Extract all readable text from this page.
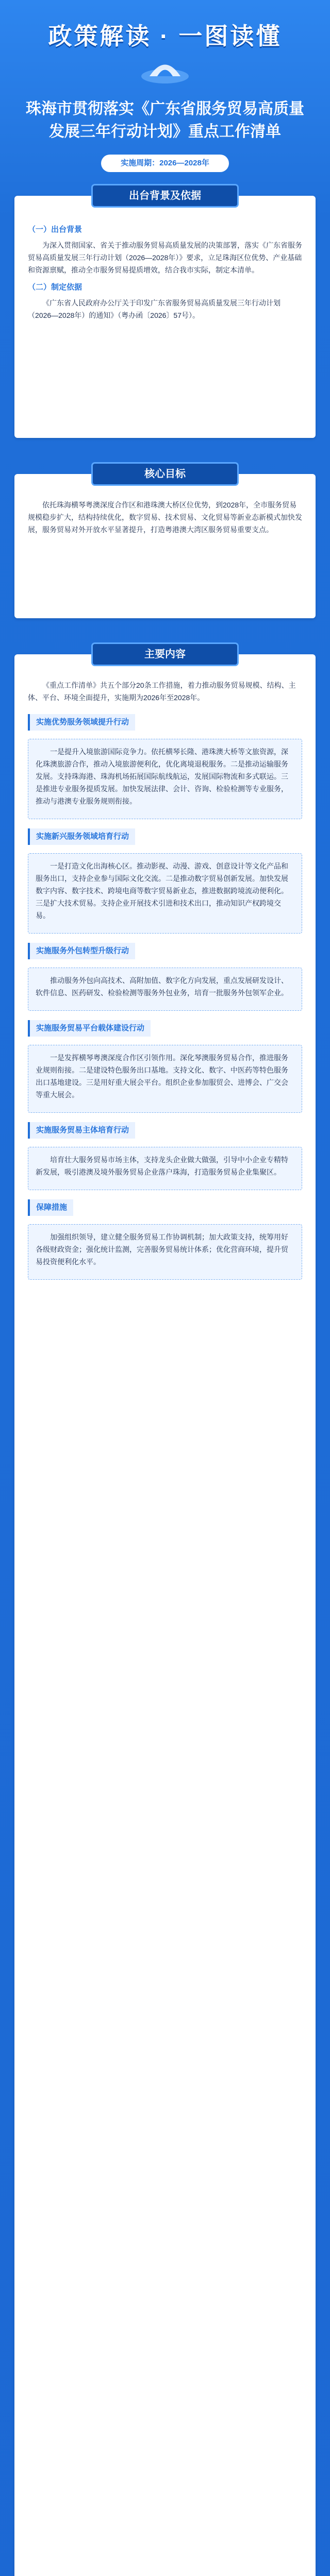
政策解读 · 一图读懂
珠海市贯彻落实《广东省服务贸易高质量发展三年行动计划》重点工作清单
实施周期：2026—2028年
（一）出台背景

为深入贯彻国家、省关于推动服务贸易高质量发展的决策部署，落实《广东省服务贸易高质量发展三年行动计划（2026—2028年）》要求，立足珠海区位优势、产业基础和资源禀赋，推动全市服务贸易提质增效，结合我市实际，制定本清单。

（二）制定依据

《广东省人民政府办公厅关于印发广东省服务贸易高质量发展三年行动计划（2026—2028年）的通知》（粤办函〔2026〕57号）。

出台背景及依据

依托珠海横琴粤澳深度合作区和港珠澳大桥区位优势，到2028年，全市服务贸易规模稳步扩大，结构持续优化，数字贸易、技术贸易、文化贸易等新业态新模式加快发展，服务贸易对外开放水平显著提升，打造粤港澳大湾区服务贸易重要支点。

核心目标

《重点工作清单》共五个部分20条工作措施，着力推动服务贸易规模、结构、主体、平台、环境全面提升，实施期为2026年至2028年。

实施优势服务领域提升行动

一是提升入境旅游国际竞争力。依托横琴长隆、港珠澳大桥等文旅资源，深化珠澳旅游合作，推动入境旅游便利化，优化离境退税服务。二是推动运输服务发展。支持珠海港、珠海机场拓展国际航线航运，发展国际物流和多式联运。三是推进专业服务提质发展。加快发展法律、会计、咨询、检验检测等专业服务，推动与港澳专业服务规则衔接。

实施新兴服务领域培育行动

一是打造文化出海核心区。推动影视、动漫、游戏、创意设计等文化产品和服务出口，支持企业参与国际文化交流。二是推动数字贸易创新发展。加快发展数字内容、数字技术、跨境电商等数字贸易新业态，推进数据跨境流动便利化。三是扩大技术贸易。支持企业开展技术引进和技术出口，推动知识产权跨境交易。

实施服务外包转型升级行动

推动服务外包向高技术、高附加值、数字化方向发展，重点发展研发设计、软件信息、医药研发、检验检测等服务外包业务，培育一批服务外包领军企业。

实施服务贸易平台载体建设行动

一是发挥横琴粤澳深度合作区引领作用。深化琴澳服务贸易合作，推进服务业规则衔接。二是建设特色服务出口基地。支持文化、数字、中医药等特色服务出口基地建设。三是用好重大展会平台。组织企业参加服贸会、进博会、广交会等重大展会。

实施服务贸易主体培育行动

培育壮大服务贸易市场主体，支持龙头企业做大做强，引导中小企业专精特新发展，吸引港澳及境外服务贸易企业落户珠海，打造服务贸易企业集聚区。

保障措施

加强组织领导，建立健全服务贸易工作协调机制；加大政策支持，统筹用好各级财政资金；强化统计监测，完善服务贸易统计体系；优化营商环境，提升贸易投资便利化水平。

主要内容
